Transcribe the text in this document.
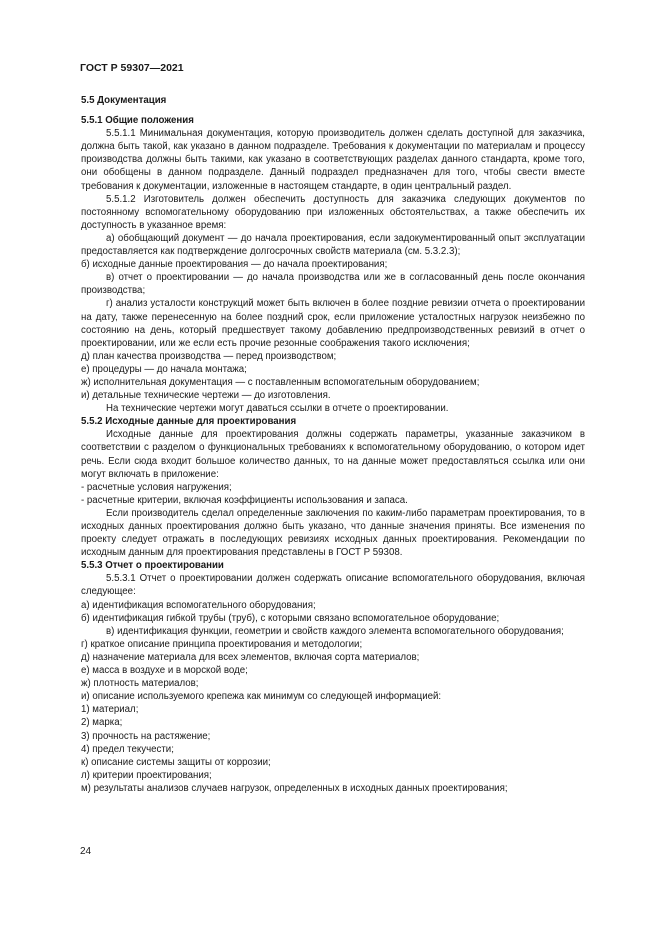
ГОСТ Р 59307—2021

5.5 Документация

5.5.1 Общие положения

5.5.1.1 Минимальная документация, которую производитель должен сделать доступной для заказчика, должна быть такой, как указано в данном подразделе. Требования к документации по материалам и процессу производства должны быть такими, как указано в соответствующих разделах данного стандарта, кроме того, они обобщены в данном подразделе. Данный подраздел предназначен для того, чтобы свести вместе требования к документации, изложенные в настоящем стандарте, в один центральный раздел.

5.5.1.2 Изготовитель должен обеспечить доступность для заказчика следующих документов по постоянному вспомогательному оборудованию при изложенных обстоятельствах, а также обеспечить их доступность в указанное время:

а) обобщающий документ — до начала проектирования, если задокументированный опыт эксплуатации предоставляется как подтверждение долгосрочных свойств материала (см. 5.3.2.3);

б) исходные данные проектирования — до начала проектирования;

в) отчет о проектировании — до начала производства или же в согласованный день после окончания производства;

г) анализ усталости конструкций может быть включен в более поздние ревизии отчета о проектировании на дату, также перенесенную на более поздний срок, если приложение усталостных нагрузок неизбежно по состоянию на день, который предшествует такому добавлению предпроизводственных ревизий в отчет о проектировании, или же если есть прочие резонные соображения такого исключения;

д) план качества производства — перед производством;

е) процедуры — до начала монтажа;

ж) исполнительная документация — с поставленным вспомогательным оборудованием;

и) детальные технические чертежи — до изготовления.

На технические чертежи могут даваться ссылки в отчете о проектировании.

5.5.2 Исходные данные для проектирования

Исходные данные для проектирования должны содержать параметры, указанные заказчиком в соответствии с разделом о функциональных требованиях к вспомогательному оборудованию, о котором идет речь. Если сюда входит большое количество данных, то на данные может предоставляться ссылка или они могут включать в приложение:

- расчетные условия нагружения;

- расчетные критерии, включая коэффициенты использования и запаса.

Если производитель сделал определенные заключения по каким-либо параметрам проектирования, то в исходных данных проектирования должно быть указано, что данные значения приняты. Все изменения по проекту следует отражать в последующих ревизиях исходных данных проектирования. Рекомендации по исходным данным для проектирования представлены в ГОСТ Р 59308.

5.5.3 Отчет о проектировании

5.5.3.1 Отчет о проектировании должен содержать описание вспомогательного оборудования, включая следующее:

а) идентификация вспомогательного оборудования;

б) идентификация гибкой трубы (труб), с которыми связано вспомогательное оборудование;

в) идентификация функции, геометрии и свойств каждого элемента вспомогательного оборудования;

г) краткое описание принципа проектирования и методологии;

д) назначение материала для всех элементов, включая сорта материалов;

е) масса в воздухе и в морской воде;

ж) плотность материалов;

и) описание используемого крепежа как минимум со следующей информацией:

1) материал;

2) марка;

3) прочность на растяжение;

4) предел текучести;

к) описание системы защиты от коррозии;

л) критерии проектирования;

м) результаты анализов случаев нагрузок, определенных в исходных данных проектирования;

24
